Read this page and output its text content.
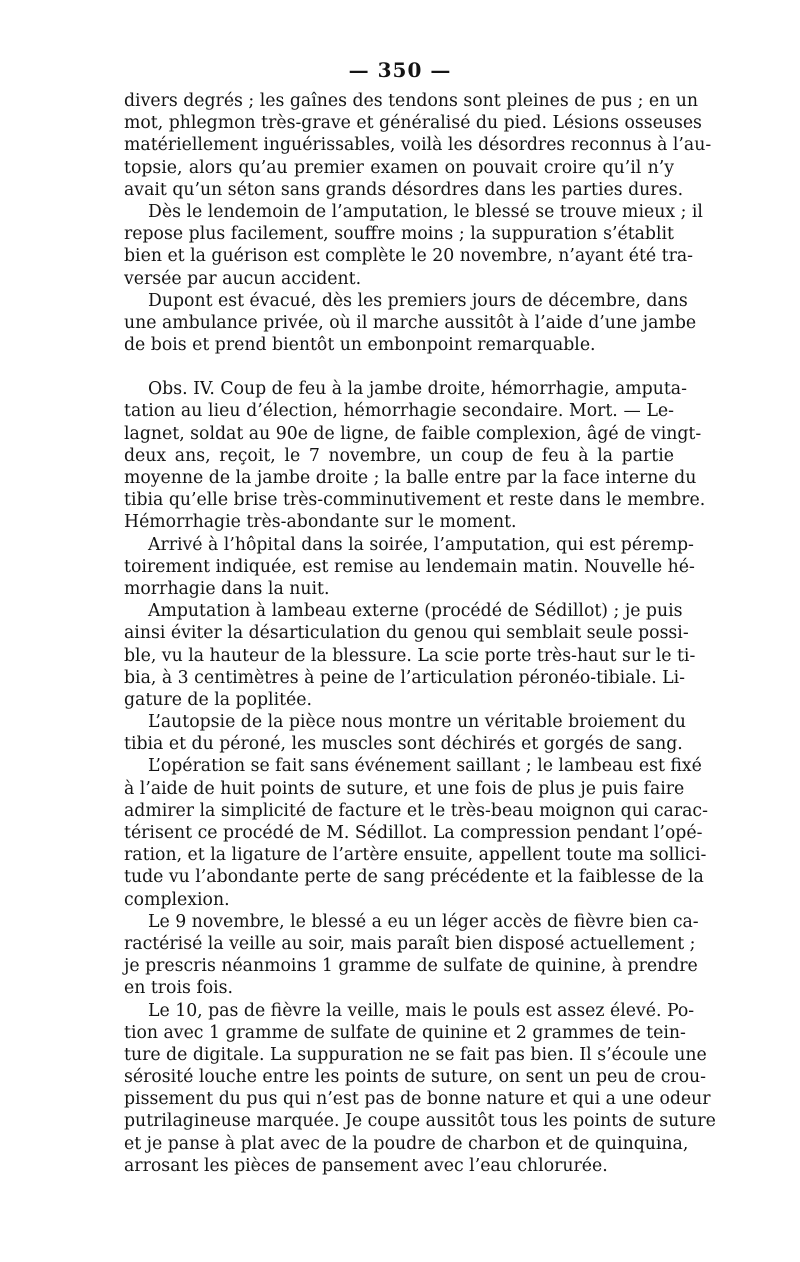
— 350 —
divers degrés ; les gaînes des tendons sont pleines de pus ; en un
mot, phlegmon très-grave et généralisé du pied. Lésions osseuses
matériellement inguérissables, voilà les désordres reconnus à l’au-
topsie, alors qu’au premier examen on pouvait croire qu’il n’y
avait qu’un séton sans grands désordres dans les parties dures.
Dès le lendemoin de l’amputation, le blessé se trouve mieux ; il
repose plus facilement, souffre moins ; la suppuration s’établit
bien et la guérison est complète le 20 novembre, n’ayant été tra-
versée par aucun accident.
Dupont est évacué, dès les premiers jours de décembre, dans
une ambulance privée, où il marche aussitôt à l’aide d’une jambe
de bois et prend bientôt un embonpoint remarquable.
Obs. IV. Coup de feu à la jambe droite, hémorrhagie, amputa-
tation au lieu d’élection, hémorrhagie secondaire. Mort. — Le-
lagnet, soldat au 90e de ligne, de faible complexion, âgé de vingt-
deux ans, reçoit, le 7 novembre, un coup de feu à la partie
moyenne de la jambe droite ; la balle entre par la face interne du
tibia qu’elle brise très-comminutivement et reste dans le membre.
Hémorrhagie très-abondante sur le moment.
Arrivé à l’hôpital dans la soirée, l’amputation, qui est péremp-
toirement indiquée, est remise au lendemain matin. Nouvelle hé-
morrhagie dans la nuit.
Amputation à lambeau externe (procédé de Sédillot) ; je puis
ainsi éviter la désarticulation du genou qui semblait seule possi-
ble, vu la hauteur de la blessure. La scie porte très-haut sur le ti-
bia, à 3 centimètres à peine de l’articulation péronéo-tibiale. Li-
gature de la poplitée.
L’autopsie de la pièce nous montre un véritable broiement du
tibia et du péroné, les muscles sont déchirés et gorgés de sang.
L’opération se fait sans événement saillant ; le lambeau est fixé
à l’aide de huit points de suture, et une fois de plus je puis faire
admirer la simplicité de facture et le très-beau moignon qui carac-
térisent ce procédé de M. Sédillot. La compression pendant l’opé-
ration, et la ligature de l’artère ensuite, appellent toute ma sollici-
tude vu l’abondante perte de sang précédente et la faiblesse de la
complexion.
Le 9 novembre, le blessé a eu un léger accès de fièvre bien ca-
ractérisé la veille au soir, mais paraît bien disposé actuellement ;
je prescris néanmoins 1 gramme de sulfate de quinine, à prendre
en trois fois.
Le 10, pas de fièvre la veille, mais le pouls est assez élevé. Po-
tion avec 1 gramme de sulfate de quinine et 2 grammes de tein-
ture de digitale. La suppuration ne se fait pas bien. Il s’écoule une
sérosité louche entre les points de suture, on sent un peu de crou-
pissement du pus qui n’est pas de bonne nature et qui a une odeur
putrilagineuse marquée. Je coupe aussitôt tous les points de suture
et je panse à plat avec de la poudre de charbon et de quinquina,
arrosant les pièces de pansement avec l’eau chlorurée.
